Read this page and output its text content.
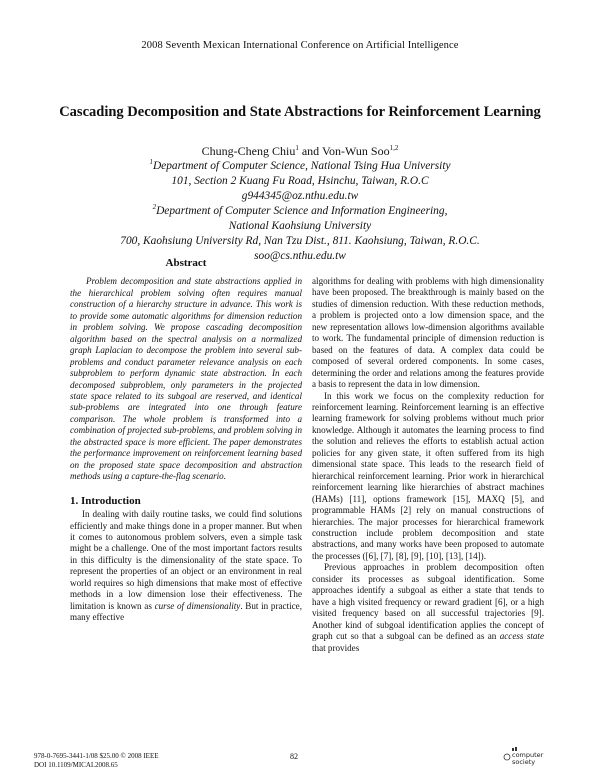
2008 Seventh Mexican International Conference on Artificial Intelligence
Cascading Decomposition and State Abstractions for Reinforcement Learning
Chung-Cheng Chiu$^1$ and Von-Wun Soo$^{1,2}$
$^1$Department of Computer Science, National Tsing Hua University
101, Section 2 Kuang Fu Road, Hsinchu, Taiwan, R.O.C
g944345@oz.nthu.edu.tw
$^2$Department of Computer Science and Information Engineering,
National Kaohsiung University
700, Kaohsiung University Rd, Nan Tzu Dist., 811. Kaohsiung, Taiwan, R.O.C.
soo@cs.nthu.edu.tw
Abstract

Problem decomposition and state abstractions applied in the hierarchical problem solving often requires manual construction of a hierarchy structure in advance. This work is to provide some automatic algorithms for dimension reduction in problem solving. We propose cascading decomposition algorithm based on the spectral analysis on a normalized graph Laplacian to decompose the problem into several sub-problems and conduct parameter relevance analysis on each subproblem to perform dynamic state abstraction. In each decomposed subproblem, only parameters in the projected state space related to its subgoal are reserved, and identical sub-problems are integrated into one through feature comparison. The whole problem is transformed into a combination of projected sub-problems, and problem solving in the abstracted space is more efficient. The paper demonstrates the performance improvement on reinforcement learning based on the proposed state space decomposition and abstraction methods using a capture-the-flag scenario.

1. Introduction

In dealing with daily routine tasks, we could find solutions efficiently and make things done in a proper manner. But when it comes to autonomous problem solvers, even a simple task might be a challenge. One of the most important factors results in this difficulty is the dimensionality of the state space. To represent the properties of an object or an environment in real world requires so high dimensions that make most of effective methods in a low dimension lose their effectiveness. The limitation is known as curse of dimensionality. But in practice, many effective

algorithms for dealing with problems with high dimensionality have been proposed. The breakthrough is mainly based on the studies of dimension reduction. With these reduction methods, a problem is projected onto a low dimension space, and the new representation allows low-dimension algorithms available to work. The fundamental principle of dimension reduction is based on the features of data. A complex data could be composed of several ordered components. In some cases, determining the order and relations among the features provide a basis to represent the data in low dimension.

In this work we focus on the complexity reduction for reinforcement learning. Reinforcement learning is an effective learning framework for solving problems without much prior knowledge. Although it automates the learning process to find the solution and relieves the efforts to establish actual action policies for any given state, it often suffered from its high dimensional state space. This leads to the research field of hierarchical reinforcement learning. Prior work in hierarchical reinforcement learning like hierarchies of abstract machines (HAMs) [11], options framework [15], MAXQ [5], and programmable HAMs [2] rely on manual constructions of hierarchies. The major processes for hierarchical framework construction include problem decomposition and state abstractions, and many works have been proposed to automate the processes ([6], [7], [8], [9], [10], [13], [14]).

Previous approaches in problem decomposition often consider its processes as subgoal identification. Some approaches identify a subgoal as either a state that tends to have a high visited frequency or reward gradient [6], or a high visited frequency based on all successful trajectories [9]. Another kind of subgoal identification applies the concept of graph cut so that a subgoal can be defined as an access state that provides

978-0-7695-3441-1/08 $25.00 © 2008 IEEE
DOI 10.1109/MICAI.2008.65
82	computer
society
